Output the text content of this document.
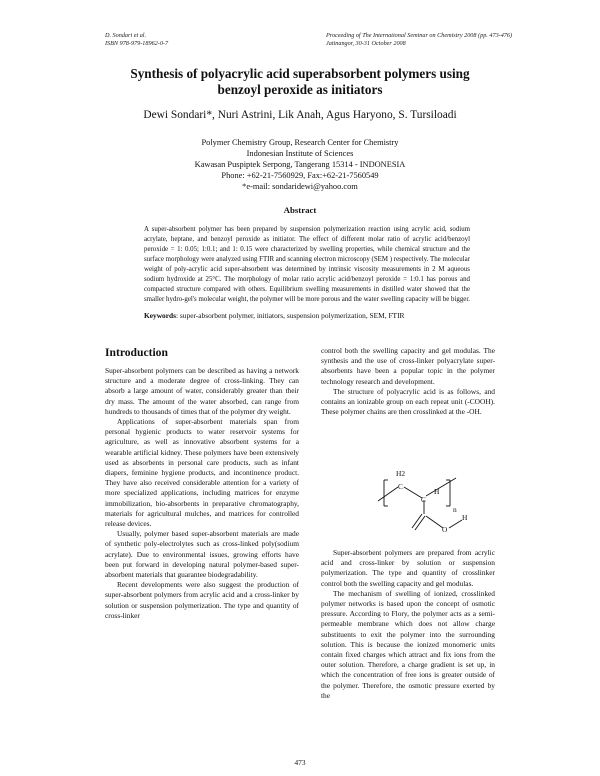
D. Sondari et al.
ISBN 978-979-18962-0-7
Proceeding of The International Seminar on Chemistry 2008 (pp. 473-476)
Jatinangor, 30-31 October 2008
Synthesis of polyacrylic acid superabsorbent polymers using
benzoyl peroxide as initiators
Dewi Sondari*, Nuri Astrini, Lik Anah, Agus Haryono, S. Tursiloadi
Polymer Chemistry Group, Research Center for Chemistry
Indonesian Institute of Sciences
Kawasan Puspiptek Serpong, Tangerang 15314 - INDONESIA
Phone: +62-21-7560929, Fax:+62-21-7560549
*e-mail: sondaridewi@yahoo.com
Abstract

A super-absorbent polymer has been prepared by suspension polymerization reaction using acrylic acid, sodium acrylate, heptane, and benzoyl peroxide as initiator. The effect of different molar ratio of acrylic acid/benzoyl peroxide = 1: 0.05; 1:0.1; and 1: 0.15 were characterized by swelling properties, while chemical structure and the surface morphology were analyzed using FTIR and scanning electron microscopy (SEM ) respectively. The molecular weight of poly-acrylic acid super-absorbent was determined by intrinsic viscosity measurements in 2 M aqueous sodium hydroxide at 25°C. The morphology of molar ratio acrylic acid/benzoyl peroxide = 1:0.1 has porous and compacted structure compared with others. Equilibrium swelling measurements in distilled water showed that the smaller hydro-gel's molecular weight, the polymer will be more porous and the water swelling capacity will be bigger.

Keywords: super-absorbent polymer, initiators, suspension polymerization, SEM, FTIR
Introduction

Super-absorbent polymers can be described as having a network structure and a moderate degree of cross-linking. They can absorb a large amount of water, considerably greater than their dry mass. The amount of the water absorbed, can range from hundreds to thousands of times that of the polymer dry weight.

Applications of super-absorbent materials span from personal hygienic products to water reservoir systems for agriculture, as well as innovative absorbent systems for a wearable artificial kidney. These polymers have been extensively used as absorbents in personal care products, such as infant diapers, feminine hygiene products, and incontinence product. They have also received considerable attention for a variety of more specialized applications, including matrices for enzyme immobilization, bio-absorbents in preparative chromatography, materials for agricultural mulches, and matrices for controlled release devices.

Usually, polymer based super-absorbent materials are made of synthetic poly-electrolytes such as cross-linked poly(sodium acrylate). Due to environmental issues, growing efforts have been put forward in developing natural polymer-based super-absorbent materials that guarantee biodegradability.

Recent developments were also suggest the production of super-absorbent polymers from acrylic acid and a cross-linker by solution or suspension polymerization. The type and quantity of cross-linker

control both the swelling capacity and gel modulas. The synthesis and the use of cross-linker polyacrylate super-absorbents have been a popular topic in the polymer technology research and development.

The structure of polyacrylic acid is as follows, and contains an ionizable group on each repeat unit (-COOH). These polymer chains are then crosslinked at the -OH.

H2
C
H
C
n
O
H

Super-absorbent polymers are prepared from acrylic acid and cross-linker by solution or suspension polymerization. The type and quantity of crosslinker control both the swelling capacity and gel modulas.

The mechanism of swelling of ionized, crosslinked polymer networks is based upon the concept of osmotic pressure. According to Flory, the polymer acts as a semi-permeable membrane which does not allow charge substituents to exit the polymer into the surrounding solution. This is because the ionized monomeric units contain fixed charges which attract and fix ions from the outer solution. Therefore, a charge gradient is set up, in which the concentration of free ions is greater outside of the polymer. Therefore, the osmotic pressure exerted by the

473
